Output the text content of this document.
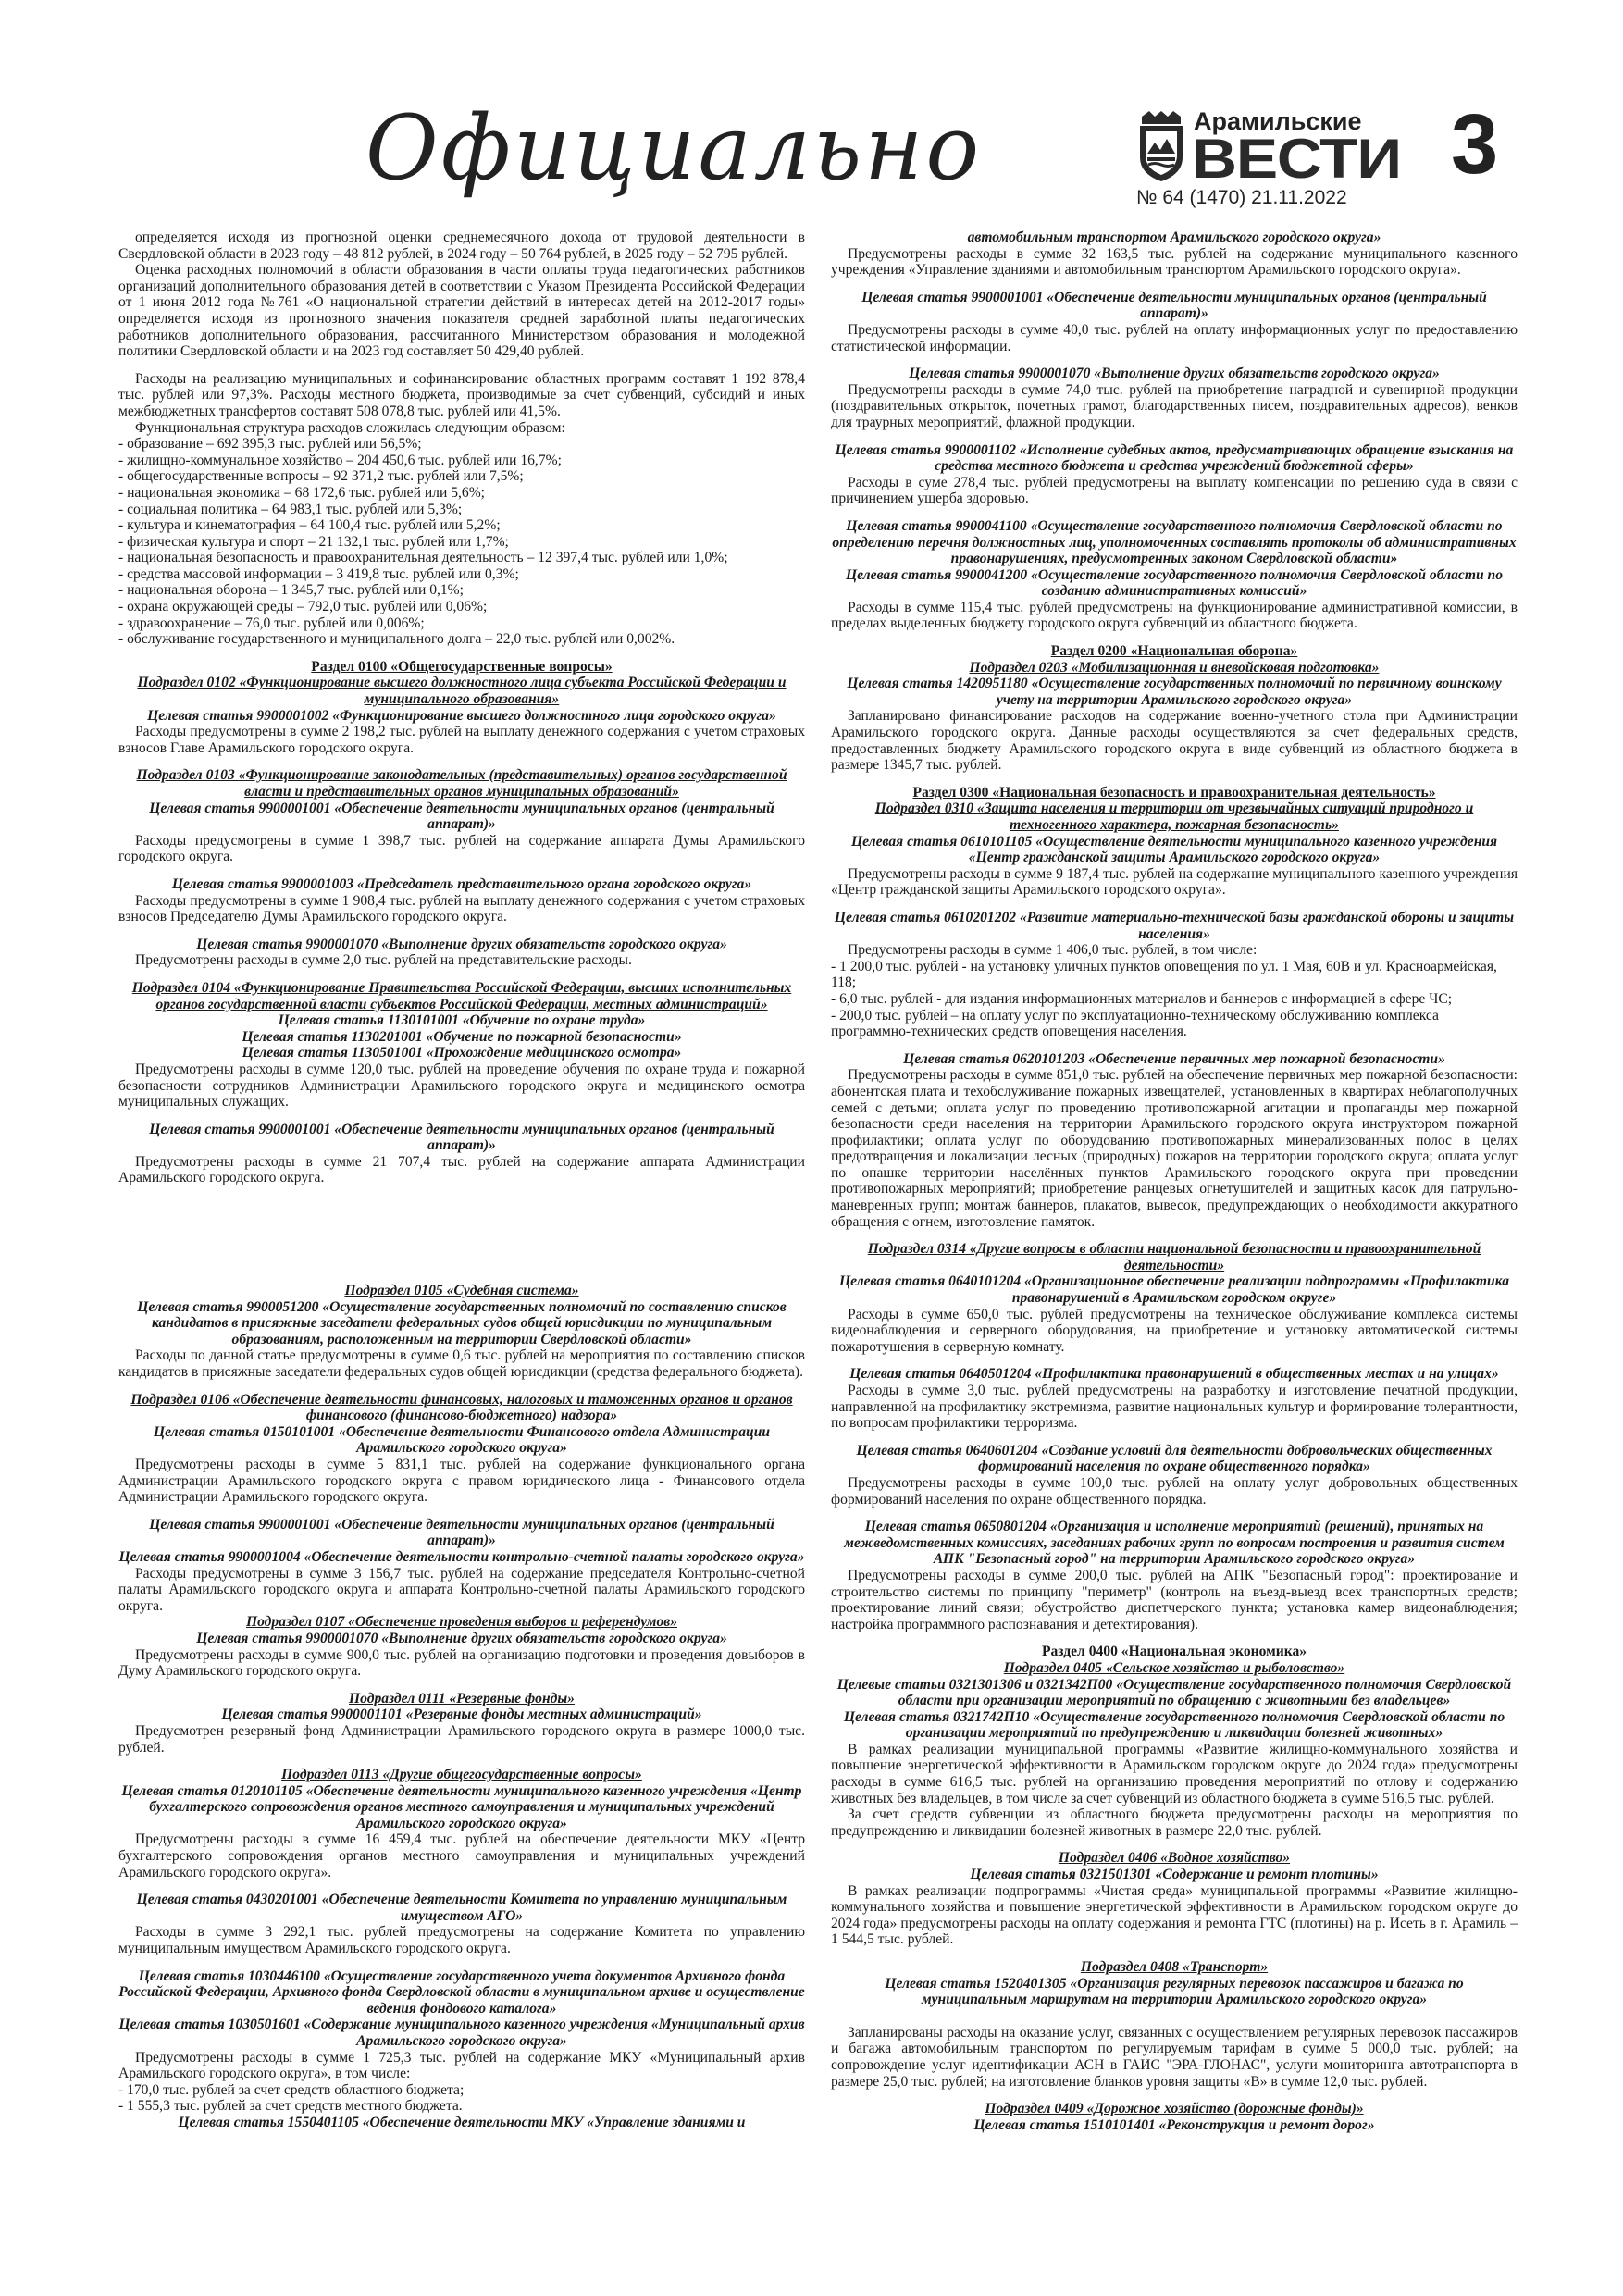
Официально	Арамильские
ВЕСТИ
№ 64 (1470) 21.11.2022
3
определяется исходя из прогнозной оценки среднемесячного дохода от трудовой деятельности в Свердловской области в 2023 году – 48 812 рублей, в 2024 году – 50 764 рублей, в 2025 году – 52 795 рублей.
Оценка расходных полномочий в области образования в части оплаты труда педагогических работников организаций дополнительного образования детей в соответствии с Указом Президента Российской Федерации от 1 июня 2012 года №761 «О национальной стратегии действий в интересах детей на 2012-2017 годы» определяется исходя из прогнозного значения показателя средней заработной платы педагогических работников дополнительного образования, рассчитанного Министерством образования и молодежной политики Свердловской области и на 2023 год составляет 50 429,40 рублей.
Расходы на реализацию муниципальных и софинансирование областных программ составят 1 192 878,4 тыс. рублей или 97,3%. Расходы местного бюджета, производимые за счет субвенций, субсидий и иных межбюджетных трансфертов составят 508 078,8 тыс. рублей или 41,5%.
Функциональная структура расходов сложилась следующим образом:
- образование – 692 395,3 тыс. рублей или 56,5%;
- жилищно-коммунальное хозяйство – 204 450,6 тыс. рублей или 16,7%;
- общегосударственные вопросы – 92 371,2 тыс. рублей или 7,5%;
- национальная экономика – 68 172,6 тыс. рублей или 5,6%;
- социальная политика – 64 983,1 тыс. рублей или 5,3%;
- культура и кинематография – 64 100,4 тыс. рублей или 5,2%;
- физическая культура и спорт – 21 132,1 тыс. рублей или 1,7%;
- национальная безопасность и правоохранительная деятельность – 12 397,4 тыс. рублей или 1,0%;
- средства массовой информации – 3 419,8 тыс. рублей или 0,3%;
- национальная оборона – 1 345,7 тыс. рублей или 0,1%;
- охрана окружающей среды – 792,0 тыс. рублей или 0,06%;
- здравоохранение – 76,0 тыс. рублей или 0,006%;
- обслуживание государственного и муниципального долга – 22,0 тыс. рублей или 0,002%.
Раздел 0100 «Общегосударственные вопросы»
Подраздел 0102 «Функционирование высшего должностного лица субъекта Российской Федерации и муниципального образования»
Целевая статья 9900001002 «Функционирование высшего должностного лица городского округа»
Расходы предусмотрены в сумме 2 198,2 тыс. рублей на выплату денежного содержания с учетом страховых взносов Главе Арамильского городского округа.
Подраздел 0103 «Функционирование законодательных (представительных) органов государственной власти и представительных органов муниципальных образований»
Целевая статья 9900001001 «Обеспечение деятельности муниципальных органов (центральный аппарат)»
Расходы предусмотрены в сумме 1 398,7 тыс. рублей на содержание аппарата Думы Арамильского городского округа.
Целевая статья 9900001003 «Председатель представительного органа городского округа»
Расходы предусмотрены в сумме 1 908,4 тыс. рублей на выплату денежного содержания с учетом страховых взносов Председателю Думы Арамильского городского округа.
Целевая статья 9900001070 «Выполнение других обязательств городского округа»
Предусмотрены расходы в сумме 2,0 тыс. рублей на представительские расходы.
Подраздел 0104 «Функционирование Правительства Российской Федерации, высших исполнительных органов государственной власти субъектов Российской Федерации, местных администраций»
Целевая статья 1130101001 «Обучение по охране труда»
Целевая статья 1130201001 «Обучение по пожарной безопасности»
Целевая статья 1130501001 «Прохождение медицинского осмотра»
Предусмотрены расходы в сумме 120,0 тыс. рублей на проведение обучения по охране труда и пожарной безопасности сотрудников Администрации Арамильского городского округа и медицинского осмотра муниципальных служащих.
Целевая статья 9900001001 «Обеспечение деятельности муниципальных органов (центральный аппарат)»
Предусмотрены расходы в сумме 21 707,4 тыс. рублей на содержание аппарата Администрации Арамильского городского округа.
Подраздел 0105 «Судебная система»
Целевая статья 9900051200 «Осуществление государственных полномочий по составлению списков кандидатов в присяжные заседатели федеральных судов общей юрисдикции по муниципальным образованиям, расположенным на территории Свердловской области»
Расходы по данной статье предусмотрены в сумме 0,6 тыс. рублей на мероприятия по составлению списков кандидатов в присяжные заседатели федеральных судов общей юрисдикции (средства федерального бюджета).
Подраздел 0106 «Обеспечение деятельности финансовых, налоговых и таможенных органов и органов финансового (финансово-бюджетного) надзора»
Целевая статья 0150101001 «Обеспечение деятельности Финансового отдела Администрации Арамильского городского округа»
Предусмотрены расходы в сумме 5 831,1 тыс. рублей на содержание функционального органа Администрации Арамильского городского округа с правом юридического лица - Финансового отдела Администрации Арамильского городского округа.
Целевая статья 9900001001 «Обеспечение деятельности муниципальных органов (центральный аппарат)»
Целевая статья 9900001004 «Обеспечение деятельности контрольно-счетной палаты городского округа»
Расходы предусмотрены в сумме 3 156,7 тыс. рублей на содержание председателя Контрольно-счетной палаты Арамильского городского округа и аппарата Контрольно-счетной палаты Арамильского городского округа.
Подраздел 0107 «Обеспечение проведения выборов и референдумов»
Целевая статья 9900001070 «Выполнение других обязательств городского округа»
Предусмотрены расходы в сумме 900,0 тыс. рублей на организацию подготовки и проведения довыборов в Думу Арамильского городского округа.
Подраздел 0111 «Резервные фонды»
Целевая статья 9900001101 «Резервные фонды местных администраций»
Предусмотрен резервный фонд Администрации Арамильского городского округа в размере 1000,0 тыс. рублей.
Подраздел 0113 «Другие общегосударственные вопросы»
Целевая статья 0120101105 «Обеспечение деятельности муниципального казенного учреждения «Центр бухгалтерского сопровождения органов местного самоуправления и муниципальных учреждений Арамильского городского округа»
Предусмотрены расходы в сумме 16 459,4 тыс. рублей на обеспечение деятельности МКУ «Центр бухгалтерского сопровождения органов местного самоуправления и муниципальных учреждений Арамильского городского округа».
Целевая статья 0430201001 «Обеспечение деятельности Комитета по управлению муниципальным имуществом АГО»
Расходы в сумме 3 292,1 тыс. рублей предусмотрены на содержание Комитета по управлению муниципальным имуществом Арамильского городского округа.
Целевая статья 1030446100 «Осуществление государственного учета документов Архивного фонда Российской Федерации, Архивного фонда Свердловской области в муниципальном архиве и осуществление ведения фондового каталога»
Целевая статья 1030501601 «Содержание муниципального казенного учреждения «Муниципальный архив Арамильского городского округа»
Предусмотрены расходы в сумме 1 725,3 тыс. рублей на содержание МКУ «Муниципальный архив Арамильского городского округа», в том числе:
- 170,0 тыс. рублей за счет средств областного бюджета;
- 1 555,3 тыс. рублей за счет средств местного бюджета.
Целевая статья 1550401105 «Обеспечение деятельности МКУ «Управление зданиями и
автомобильным транспортом Арамильского городского округа»
Предусмотрены расходы в сумме 32 163,5 тыс. рублей на содержание муниципального казенного учреждения «Управление зданиями и автомобильным транспортом Арамильского городского округа».
Целевая статья 9900001001 «Обеспечение деятельности муниципальных органов (центральный аппарат)»
Предусмотрены расходы в сумме 40,0 тыс. рублей на оплату информационных услуг по предоставлению статистической информации.
Целевая статья 9900001070 «Выполнение других обязательств городского округа»
Предусмотрены расходы в сумме 74,0 тыс. рублей на приобретение наградной и сувенирной продукции (поздравительных открыток, почетных грамот, благодарственных писем, поздравительных адресов), венков для траурных мероприятий, флажной продукции.
Целевая статья 9900001102 «Исполнение судебных актов, предусматривающих обращение взыскания на средства местного бюджета и средства учреждений бюджетной сферы»
Расходы в суме 278,4 тыс. рублей предусмотрены на выплату компенсации по решению суда в связи с причинением ущерба здоровью.
Целевая статья 9900041100 «Осуществление государственного полномочия Свердловской области по определению перечня должностных лиц, уполномоченных составлять протоколы об административных правонарушениях, предусмотренных законом Свердловской области»
Целевая статья 9900041200 «Осуществление государственного полномочия Свердловской области по созданию административных комиссий»
Расходы в сумме 115,4 тыс. рублей предусмотрены на функционирование административной комиссии, в пределах выделенных бюджету городского округа субвенций из областного бюджета.
Раздел 0200 «Национальная оборона»
Подраздел 0203 «Мобилизационная и вневойсковая подготовка»
Целевая статья 1420951180 «Осуществление государственных полномочий по первичному воинскому учету на территории Арамильского городского округа»
Запланировано финансирование расходов на содержание военно-учетного стола при Администрации Арамильского городского округа. Данные расходы осуществляются за счет федеральных средств, предоставленных бюджету Арамильского городского округа в виде субвенций из областного бюджета в размере 1345,7 тыс. рублей.
Раздел 0300 «Национальная безопасность и правоохранительная деятельность»
Подраздел 0310 «Защита населения и территории от чрезвычайных ситуаций природного и техногенного характера, пожарная безопасность»
Целевая статья 0610101105 «Осуществление деятельности муниципального казенного учреждения «Центр гражданской защиты Арамильского городского округа»
Предусмотрены расходы в сумме 9 187,4 тыс. рублей на содержание муниципального казенного учреждения «Центр гражданской защиты Арамильского городского округа».
Целевая статья 0610201202 «Развитие материально-технической базы гражданской обороны и защиты населения»
Предусмотрены расходы в сумме 1 406,0 тыс. рублей, в том числе:
- 1 200,0 тыс. рублей - на установку уличных пунктов оповещения по ул. 1 Мая, 60В и ул. Красноармейская, 118;
- 6,0 тыс. рублей - для издания информационных материалов и баннеров с информацией в сфере ЧС;
- 200,0 тыс. рублей – на оплату услуг по эксплуатационно-техническому обслуживанию комплекса программно-технических средств оповещения населения.
Целевая статья 0620101203 «Обеспечение первичных мер пожарной безопасности»
Предусмотрены расходы в сумме 851,0 тыс. рублей на обеспечение первичных мер пожарной безопасности: абонентская плата и техобслуживание пожарных извещателей, установленных в квартирах неблагополучных семей с детьми; оплата услуг по проведению противопожарной агитации и пропаганды мер пожарной безопасности среди населения на территории Арамильского городского округа инструктором пожарной профилактики; оплата услуг по оборудованию противопожарных минерализованных полос в целях предотвращения и локализации лесных (природных) пожаров на территории городского округа; оплата услуг по опашке территории населённых пунктов Арамильского городского округа при проведении противопожарных мероприятий; приобретение ранцевых огнетушителей и защитных касок для патрульно-маневренных групп; монтаж баннеров, плакатов, вывесок, предупреждающих о необходимости аккуратного обращения с огнем, изготовление памяток.
Подраздел 0314 «Другие вопросы в области национальной безопасности и правоохранительной деятельности»
Целевая статья 0640101204 «Организационное обеспечение реализации подпрограммы «Профилактика правонарушений в Арамильском городском округе»
Расходы в сумме 650,0 тыс. рублей предусмотрены на техническое обслуживание комплекса системы видеонаблюдения и серверного оборудования, на приобретение и установку автоматической системы пожаротушения в серверную комнату.
Целевая статья 0640501204 «Профилактика правонарушений в общественных местах и на улицах»
Расходы в сумме 3,0 тыс. рублей предусмотрены на разработку и изготовление печатной продукции, направленной на профилактику экстремизма, развитие национальных культур и формирование толерантности, по вопросам профилактики терроризма.
Целевая статья 0640601204 «Создание условий для деятельности добровольческих общественных формирований населения по охране общественного порядка»
Предусмотрены расходы в сумме 100,0 тыс. рублей на оплату услуг добровольных общественных формирований населения по охране общественного порядка.
Целевая статья 0650801204 «Организация и исполнение мероприятий (решений), принятых на межведомственных комиссиях, заседаниях рабочих групп по вопросам построения и развития систем АПК "Безопасный город" на территории Арамильского городского округа»
Предусмотрены расходы в сумме 200,0 тыс. рублей на АПК "Безопасный город": проектирование и строительство системы по принципу "периметр" (контроль на въезд-выезд всех транспортных средств; проектирование линий связи; обустройство диспетчерского пункта; установка камер видеонаблюдения; настройка программного распознавания и детектирования).
Раздел 0400 «Национальная экономика»
Подраздел 0405 «Сельское хозяйство и рыболовство»
Целевые статьи 0321301306 и 0321342П00 «Осуществление государственного полномочия Свердловской области при организации мероприятий по обращению с животными без владельцев»
Целевая статья 0321742П10 «Осуществление государственного полномочия Свердловской области по организации мероприятий по предупреждению и ликвидации болезней животных»
В рамках реализации муниципальной программы «Развитие жилищно-коммунального хозяйства и повышение энергетической эффективности в Арамильском городском округе до 2024 года» предусмотрены расходы в сумме 616,5 тыс. рублей на организацию проведения мероприятий по отлову и содержанию животных без владельцев, в том числе за счет субвенций из областного бюджета в сумме 516,5 тыс. рублей.
За счет средств субвенции из областного бюджета предусмотрены расходы на мероприятия по предупреждению и ликвидации болезней животных в размере 22,0 тыс. рублей.
Подраздел 0406 «Водное хозяйство»
Целевая статья 0321501301 «Содержание и ремонт плотины»
В рамках реализации подпрограммы «Чистая среда» муниципальной программы «Развитие жилищно-коммунального хозяйства и повышение энергетической эффективности в Арамильском городском округе до 2024 года» предусмотрены расходы на оплату содержания и ремонта ГТС (плотины) на р. Исеть в г. Арамиль – 1 544,5 тыс. рублей.
Подраздел 0408 «Транспорт»
Целевая статья 1520401305 «Организация регулярных перевозок пассажиров и багажа по муниципальным маршрутам на территории Арамильского городского округа»
Запланированы расходы на оказание услуг, связанных с осуществлением регулярных перевозок пассажиров и багажа автомобильным транспортом по регулируемым тарифам в сумме 5 000,0 тыс. рублей; на сопровождение услуг идентификации АСН в ГАИС "ЭРА-ГЛОНАС", услуги мониторинга автотранспорта в размере 25,0 тыс. рублей; на изготовление бланков уровня защиты «В» в сумме 12,0 тыс. рублей.
Подраздел 0409 «Дорожное хозяйство (дорожные фонды)»
Целевая статья 1510101401 «Реконструкция и ремонт дорог»
